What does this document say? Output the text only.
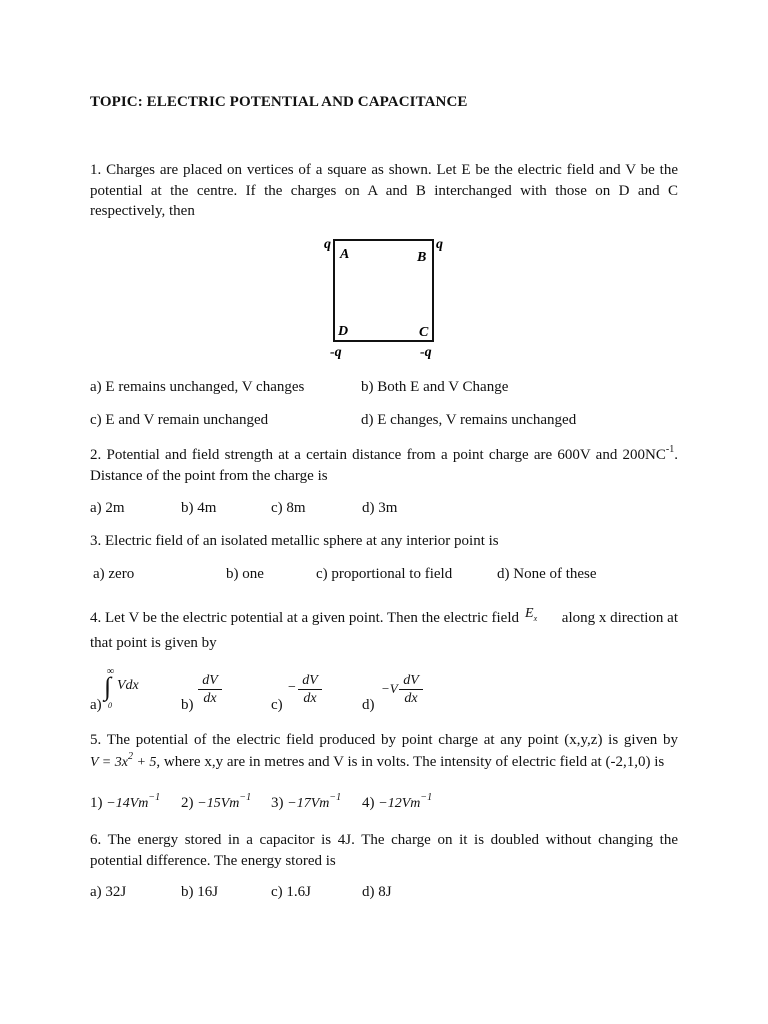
TOPIC: ELECTRIC POTENTIAL AND CAPACITANCE
1. Charges are placed on vertices of a square as shown. Let E be the electric field and V be the
potential at the centre. If the charges on A and B interchanged with those on D and C
respectively, then
q	q
A	B
D	C
-q	-q
a) E remains unchanged, V changes	b) Both E and V Change
c) E and V remain unchanged	d) E changes, V remains unchanged
2. Potential and field strength at a certain distance from a point charge are 600V and $200NC^{-1}$.
Distance of the point from the charge is
a) 2m	b) 4m	c) 8m	d) 3m
3. Electric field of an isolated metallic sphere at any interior point is
a) zero	b) one	c) proportional to field	d) None of these
4. Let V be the electric potential at a given point. Then the electric field $E_x$ along x direction at
that point is given by
a)
∞
∫
0
Vdx
b)
dV
dx	c)
− dV
dx	d)
−V
dV
dx
5. The potential of the electric field produced by point charge at any point (x,y,z) is given by
$V = 3x^2 + 5$, where x,y are in metres and V is in volts. The intensity of electric field at (-2,1,0) is
$1) -14Vm^{-1}$ $2) -15Vm^{-1}$ $3) -17Vm^{-1}$ $4) -12Vm^{-1}$
6. The energy stored in a capacitor is 4J. The charge on it is doubled without changing the
potential difference. The energy stored is
a) 32J	b) 16J	c) 1.6J	d) 8J
